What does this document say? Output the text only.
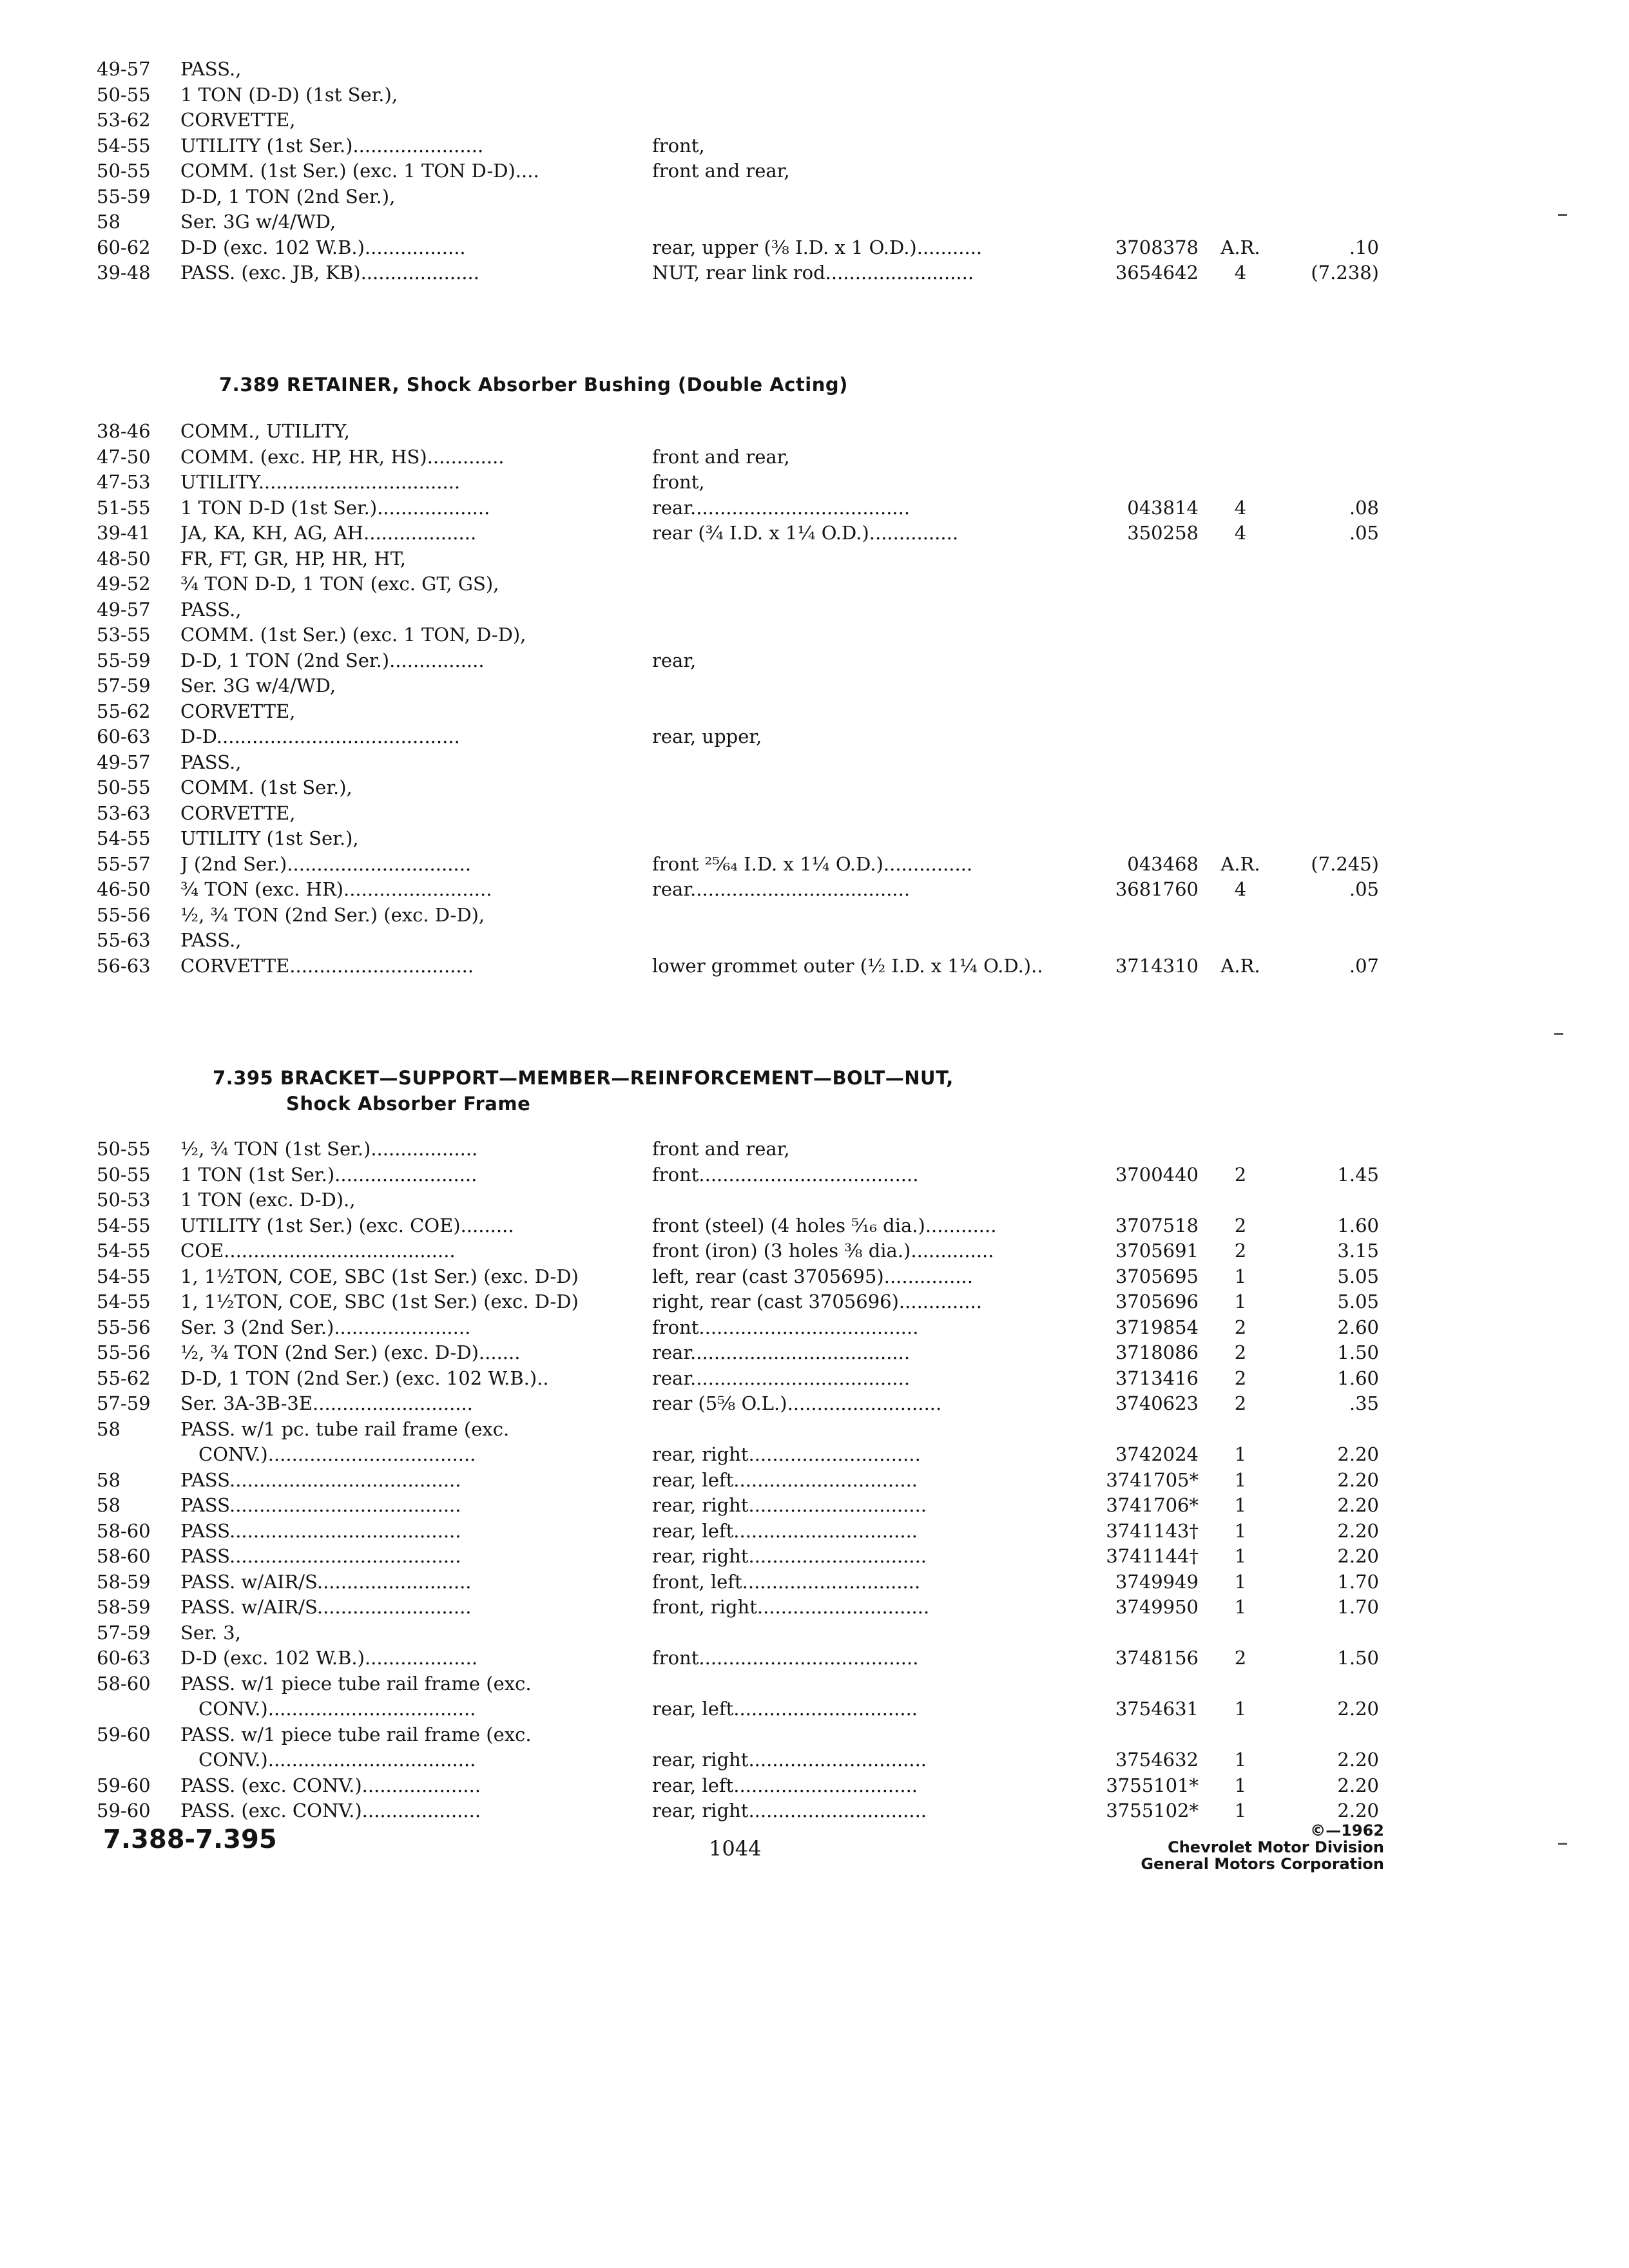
49-57	PASS.,
50-55	1 TON (D-D) (1st Ser.),
53-62	CORVETTE,
54-55	UTILITY (1st Ser.)......................	front,
50-55	COMM. (1st Ser.) (exc. 1 TON D-D)....	front and rear,
55-59	D-D, 1 TON (2nd Ser.),
58	Ser. 3G w/4/WD,
60-62	D-D (exc. 102 W.B.).................	rear, upper (⅜ I.D. x 1 O.D.)...........	3708378	A.R.	.10
39-48	PASS. (exc. JB, KB)....................	NUT, rear link rod.........................	3654642	4	(7.238)
7.389 RETAINER, Shock Absorber Bushing (Double Acting)
38-46	COMM., UTILITY,
47-50	COMM. (exc. HP, HR, HS).............	front and rear,
47-53	UTILITY..................................	front,
51-55	1 TON D-D (1st Ser.)...................	rear.....................................	043814	4	.08
39-41	JA, KA, KH, AG, AH...................	rear (¾ I.D. x 1¼ O.D.)...............	350258	4	.05
48-50	FR, FT, GR, HP, HR, HT,
49-52	¾ TON D-D, 1 TON (exc. GT, GS),
49-57	PASS.,
53-55	COMM. (1st Ser.) (exc. 1 TON, D-D),
55-59	D-D, 1 TON (2nd Ser.)................	rear,
57-59	Ser. 3G w/4/WD,
55-62	CORVETTE,
60-63	D-D.........................................	rear, upper,
49-57	PASS.,
50-55	COMM. (1st Ser.),
53-63	CORVETTE,
54-55	UTILITY (1st Ser.),
55-57	J (2nd Ser.)...............................	front ²⁵⁄₆₄ I.D. x 1¼ O.D.)...............	043468	A.R.	(7.245)
46-50	¾ TON (exc. HR).........................	rear.....................................	3681760	4	.05
55-56	½, ¾ TON (2nd Ser.) (exc. D-D),
55-63	PASS.,
56-63	CORVETTE...............................	lower grommet outer (½ I.D. x 1¼ O.D.)..	3714310	A.R.	.07
7.395 BRACKET—SUPPORT—MEMBER—REINFORCEMENT—BOLT—NUT,
Shock Absorber Frame
50-55	½, ¾ TON (1st Ser.)..................	front and rear,
50-55	1 TON (1st Ser.)........................	front.....................................	3700440	2	1.45
50-53	1 TON (exc. D-D).,
54-55	UTILITY (1st Ser.) (exc. COE).........	front (steel) (4 holes ⁵⁄₁₆ dia.)............	3707518	2	1.60
54-55	COE.......................................	front (iron) (3 holes ⅜ dia.)..............	3705691	2	3.15
54-55	1, 1½TON, COE, SBC (1st Ser.) (exc. D-D)	left, rear (cast 3705695)...............	3705695	1	5.05
54-55	1, 1½TON, COE, SBC (1st Ser.) (exc. D-D)	right, rear (cast 3705696)..............	3705696	1	5.05
55-56	Ser. 3 (2nd Ser.).......................	front.....................................	3719854	2	2.60
55-56	½, ¾ TON (2nd Ser.) (exc. D-D).......	rear.....................................	3718086	2	1.50
55-62	D-D, 1 TON (2nd Ser.) (exc. 102 W.B.)..	rear.....................................	3713416	2	1.60
57-59	Ser. 3A-3B-3E...........................	rear (5⅝ O.L.)..........................	3740623	2	.35
58	PASS. w/1 pc. tube rail frame (exc.
CONV.)...................................	rear, right.............................	3742024	1	2.20
58	PASS.......................................	rear, left...............................	3741705*	1	2.20
58	PASS.......................................	rear, right..............................	3741706*	1	2.20
58-60	PASS.......................................	rear, left...............................	3741143†	1	2.20
58-60	PASS.......................................	rear, right..............................	3741144†	1	2.20
58-59	PASS. w/AIR/S..........................	front, left..............................	3749949	1	1.70
58-59	PASS. w/AIR/S..........................	front, right.............................	3749950	1	1.70
57-59	Ser. 3,
60-63	D-D (exc. 102 W.B.)...................	front.....................................	3748156	2	1.50
58-60	PASS. w/1 piece tube rail frame (exc.
CONV.)...................................	rear, left...............................	3754631	1	2.20
59-60	PASS. w/1 piece tube rail frame (exc.
CONV.)...................................	rear, right..............................	3754632	1	2.20
59-60	PASS. (exc. CONV.)....................	rear, left...............................	3755101*	1	2.20
59-60	PASS. (exc. CONV.)....................	rear, right..............................	3755102*	1	2.20
7.388-7.395	1044
©—1962
Chevrolet Motor Division
General Motors Corporation
